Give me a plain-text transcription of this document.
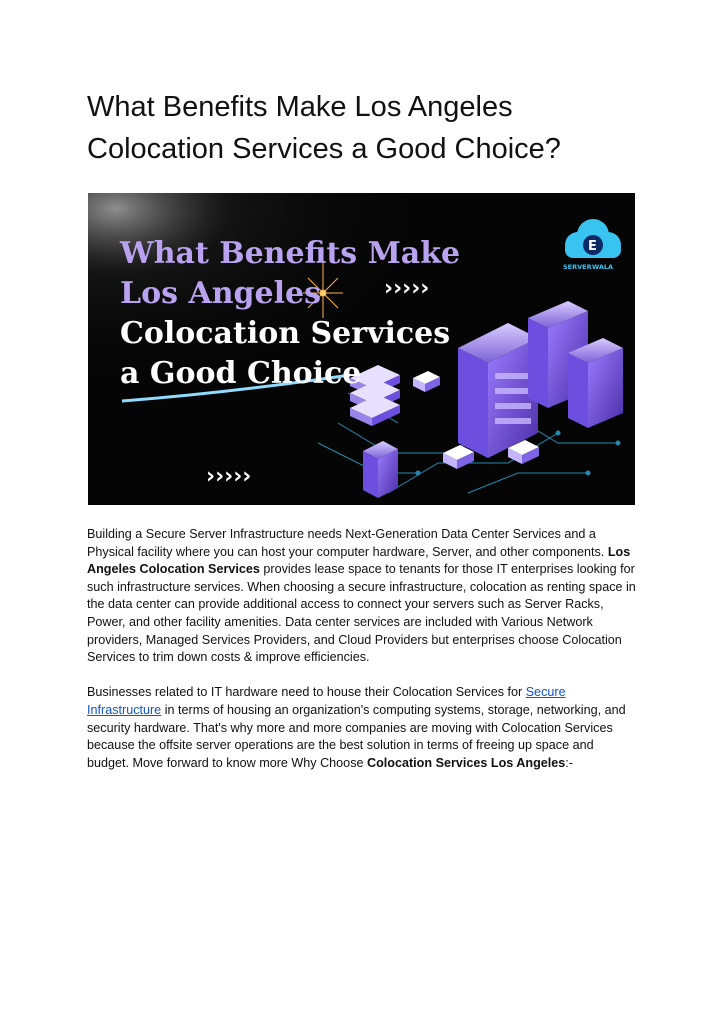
What Benefits Make Los Angeles Colocation Services a Good Choice?
What Benefits Make
Los Angeles
Colocation Services
a Good Choice
›››››
›››››
E
SERVER WALA

Building a Secure Server Infrastructure needs Next-Generation Data Center Services and a Physical facility where you can host your computer hardware, Server, and other components. Los Angeles Colocation Services provides lease space to tenants for those IT enterprises looking for such infrastructure services. When choosing a secure infrastructure, colocation as renting space in the data center can provide additional access to connect your servers such as Server Racks, Power, and other facility amenities. Data center services are included with Various Network providers, Managed Services Providers, and Cloud Providers but enterprises choose Colocation Services to trim down costs & improve efficiencies.

Businesses related to IT hardware need to house their Colocation Services for Secure Infrastructure in terms of housing an organization's computing systems, storage, networking, and security hardware. That's why more and more companies are moving with Colocation Services because the offsite server operations are the best solution in terms of freeing up space and budget. Move forward to know more Why Choose Colocation Services Los Angeles:-
